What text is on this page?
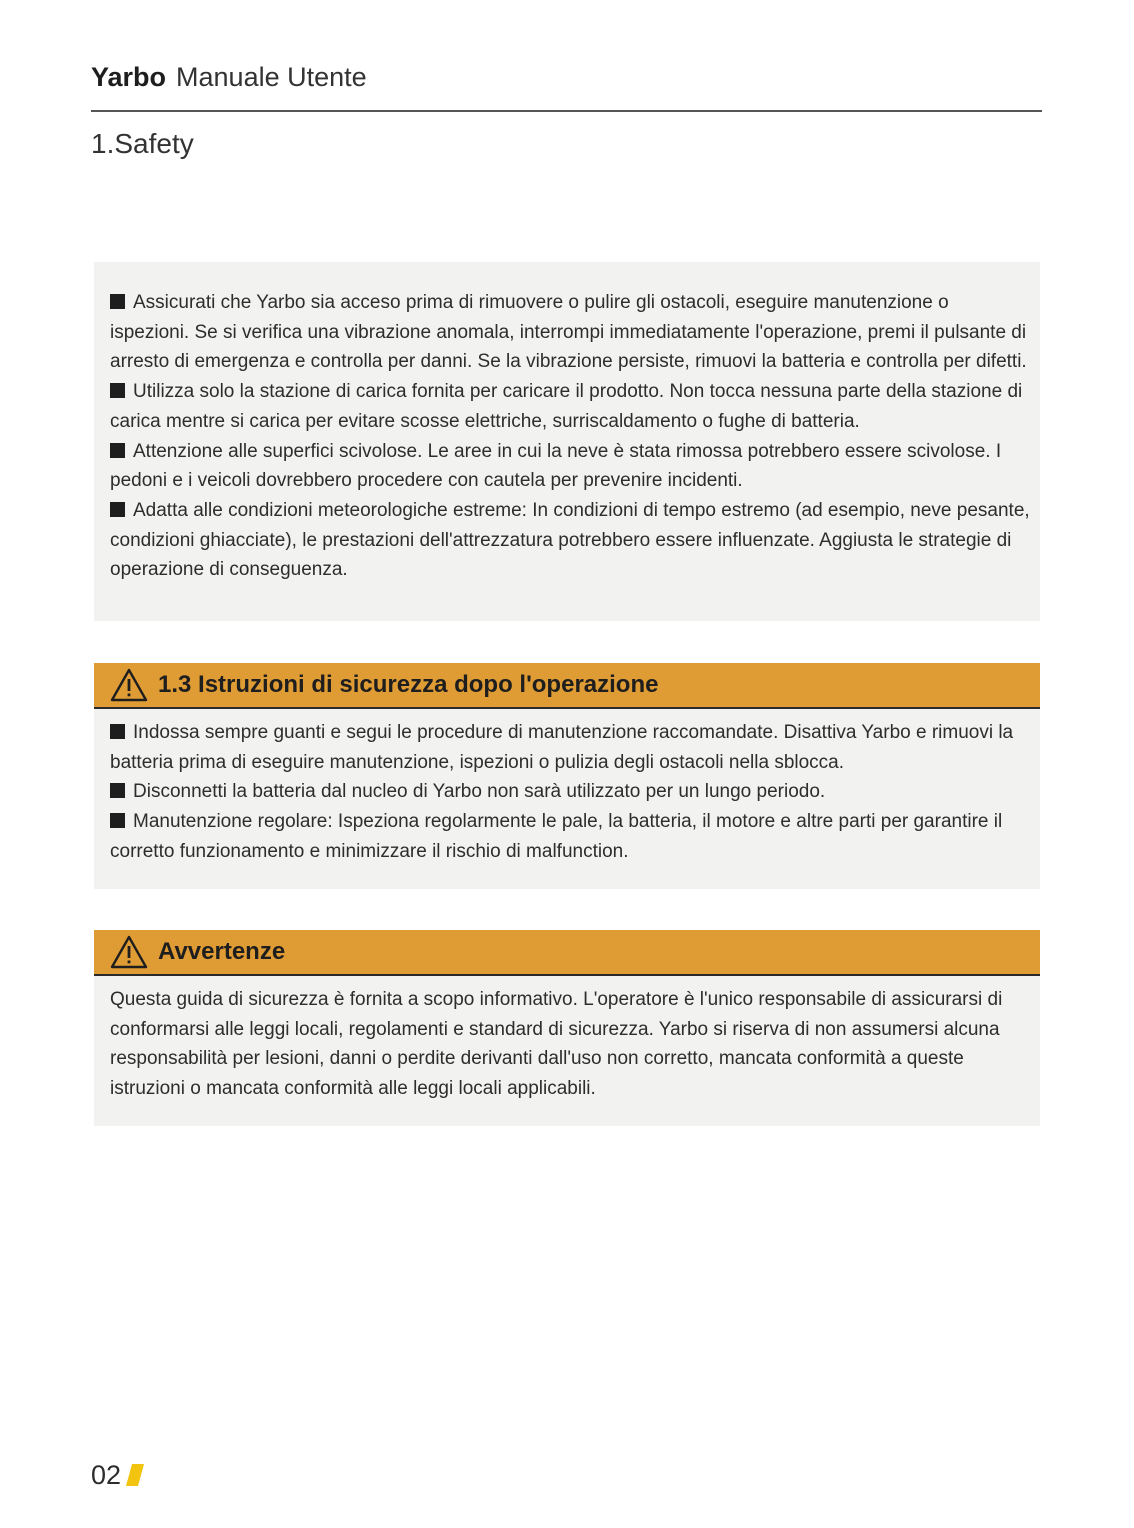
Yarbo Manuale Utente
1.Safety

Assicurati che Yarbo sia acceso prima di rimuovere o pulire gli ostacoli, eseguire manutenzione o ispezioni. Se si verifica una vibrazione anomala, interrompi immediatamente l'operazione, premi il pulsante di arresto di emergenza e controlla per danni. Se la vibrazione persiste, rimuovi la batteria e controlla per difetti.

Utilizza solo la stazione di carica fornita per caricare il prodotto. Non tocca nessuna parte della stazione di carica mentre si carica per evitare scosse elettriche, surriscaldamento o fughe di batteria.

Attenzione alle superfici scivolose. Le aree in cui la neve è stata rimossa potrebbero essere scivolose. I pedoni e i veicoli dovrebbero procedere con cautela per prevenire incidenti.

Adatta alle condizioni meteorologiche estreme: In condizioni di tempo estremo (ad esempio, neve pesante, condizioni ghiacciate), le prestazioni dell'attrezzatura potrebbero essere influenzate. Aggiusta le strategie di operazione di conseguenza.

1.3 Istruzioni di sicurezza dopo l'operazione

Indossa sempre guanti e segui le procedure di manutenzione raccomandate. Disattiva Yarbo e rimuovi la batteria prima di eseguire manutenzione, ispezioni o pulizia degli ostacoli nella sblocca.

Disconnetti la batteria dal nucleo di Yarbo non sarà utilizzato per un lungo periodo.

Manutenzione regolare: Ispeziona regolarmente le pale, la batteria, il motore e altre parti per garantire il corretto funzionamento e minimizzare il rischio di malfunction.

Avvertenze

Questa guida di sicurezza è fornita a scopo informativo. L'operatore è l'unico responsabile di assicurarsi di conformarsi alle leggi locali, regolamenti e standard di sicurezza. Yarbo si riserva di non assumersi alcuna responsabilità per lesioni, danni o perdite derivanti dall'uso non corretto, mancata conformità a queste istruzioni o mancata conformità alle leggi locali applicabili.

02
